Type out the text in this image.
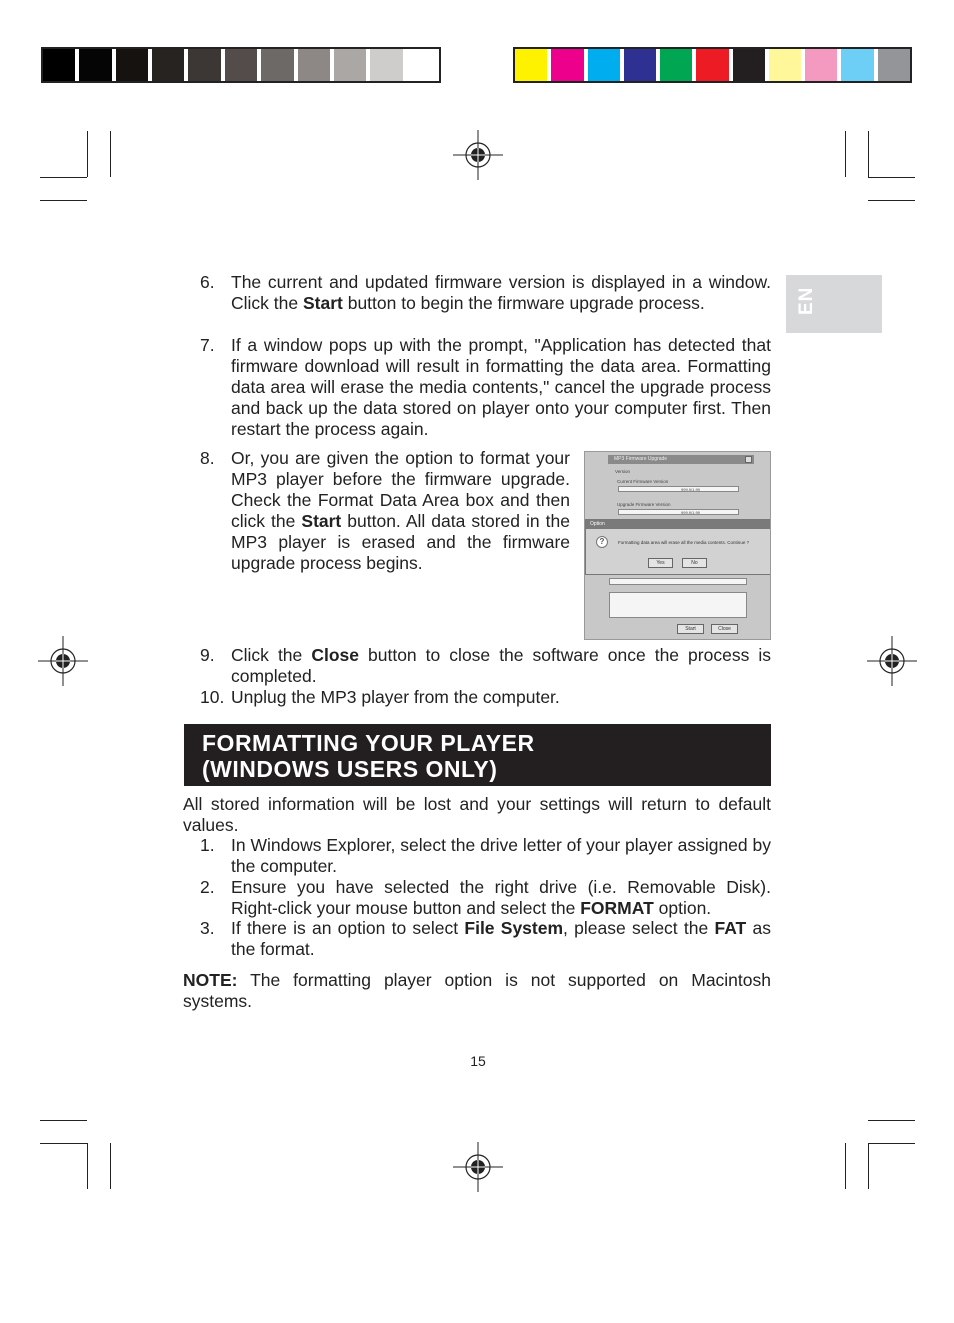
EN
6. The current and updated firmware version is displayed in a window. Click the Start button to begin the firmware upgrade process.
7. If a window pops up with the prompt, "Application has detected that firmware download will result in formatting the data area. Formatting data area will erase the media contents," cancel the upgrade process and back up the data stored on player onto your computer first. Then restart the process again.
8. Or, you are given the option to format your MP3 player before the firmware upgrade. Check the Format Data Area box and then click the Start button. All data stored in the MP3 player is erased and the firmware upgrade process begins.
MP3 Firmware Upgrade
Version
Current Firmware Version
999.9/1.99
Upgrade Firmware Version
999.9/1.99
Option
?	Formatting data area will erase all the media contents. Continue ?
Yes	No
Start	Close
9. Click the Close button to close the software once the process is completed.
10. Unplug the MP3 player from the computer.
FORMATTING YOUR PLAYER
(WINDOWS USERS ONLY)
All stored information will be lost and your settings will return to default values.
1. In Windows Explorer, select the drive letter of your player assigned by the computer.
2. Ensure you have selected the right drive (i.e. Removable Disk). Right-click your mouse button and select the FORMAT option.
3. If there is an option to select File System, please select the FAT as the format.
NOTE: The formatting player option is not supported on Macintosh systems.
15
